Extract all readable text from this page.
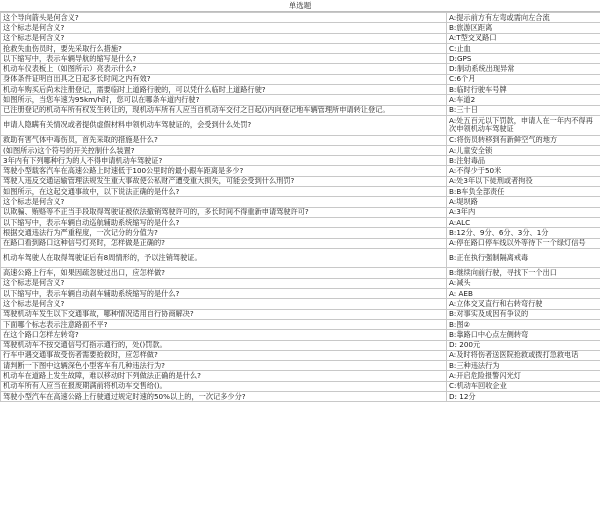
单选题
这个导向箭头是何含义?	A:提示前方有左弯或需向左合流
这个标志是何含义?	B:旅游区距离
这个标志是何含义?	A:T型交叉路口
抢救失血伤员时，要先采取行么措施?	C:止血
以下缩写中，表示车辆导航的缩写是什么?	D:GPS
机动车仪表板上（如图所示）亮表示什么?	D:制动系统出现异常
身体条件证明自出具之日起多长时间之内有效?	C:6个月
机动车购买后尚未注册登记，需要临时上道路行驶的，可以凭什么临时上道路行驶?	B:临时行驶车号牌
如图所示，当您车速为95km/h时，您可以在哪条车道内行驶?	A:车道2
已注册登记的机动车所有权发生转让的，现机动车所有人应当自机动车交付之日起()内向登记地车辆管理所申请转让登记。	B:三十日
申请人隐瞒有关情况或者提供虚假材料申领机动车驾驶证的，会受到什么处罚?	A:处五百元以下罚款，申请人在一年内不得再次申领机动车驾驶证
救助有害气体中毒伤员，首先采取的措施是什么?	C:将伤员转移到有新鲜空气的地方
(如图所示)这个符号的开关控制什么装置?	A:儿童安全锁
3年内有下列哪种行为的人不得申请机动车驾驶证?	B:注射毒品
驾驶小型载客汽车在高速公路上时速低于100公里时的最小跟车距离是多少?	A:不得少于50米
驾驶人违反交通运输管理法规发生重大事故使公私财产遭受重大损失，可能会受到什么刑罚?	A:处3年以下徒刑或者拘役
如图所示，在这起交通事故中，以下说法正确的是什么?	B:B车负全部责任
这个标志是何含义?	A:堤坝路
以欺骗、贿赂等不正当手段取得驾驶证被依法撤销驾驶许可的，多长时间不得重新申请驾驶许可?	A:3年内
以下缩写中，表示车辆自动巡航辅助系统缩写的是什么?	A:ALC
根据交通违法行为严重程度，一次记分的分值为?	B:12分、9分、6分、3分、1分
在路口看到路口这种信号灯亮时，怎样做是正确的?	A:停在路口停车线以外等待下一个绿灯信号
机动车驾驶人在取得驾驶证后有8周情形的，予以注销驾驶证。	B:正在执行强制隔离戒毒
高速公路上行车，如果因疏忽驶过出口，应怎样做?	B:继续向前行驶，寻找下一个出口
这个标志是何含义?	A:减头
以下缩写中，表示车辆自动刹车辅助系统缩写的是什么?	A: AEB
这个标志是何含义?	A:立体交叉直行和右转弯行驶
驾驶机动车发生以下交通事故，哪种情况适用自行协商解决?	B:对事实及成因有争议的
下面哪个标志表示注意路面不平?	B:图②
在这个路口怎样左转弯?	B:靠路口中心点左侧转弯
驾驶机动车不按交通信号灯指示通行的，处()罚款。	D: 200元
行车中遇交通事故受伤者需要抢救时，应怎样做?	A:及时将伤者送医院抢救或拨打急救电话
请判断一下图中这辆深色小型客车有几种违法行为?	B:三种违法行为
机动车在道路上发生故障，难以移动时下列做法正确的是什么?	A:开启危险报警闪光灯
机动车所有人应当在报废期满前将机动车交售给()。	C:机动车回收企业
驾驶小型汽车在高速公路上行驶通过规定时速的50%以上的，一次记多少分?	D: 12分
